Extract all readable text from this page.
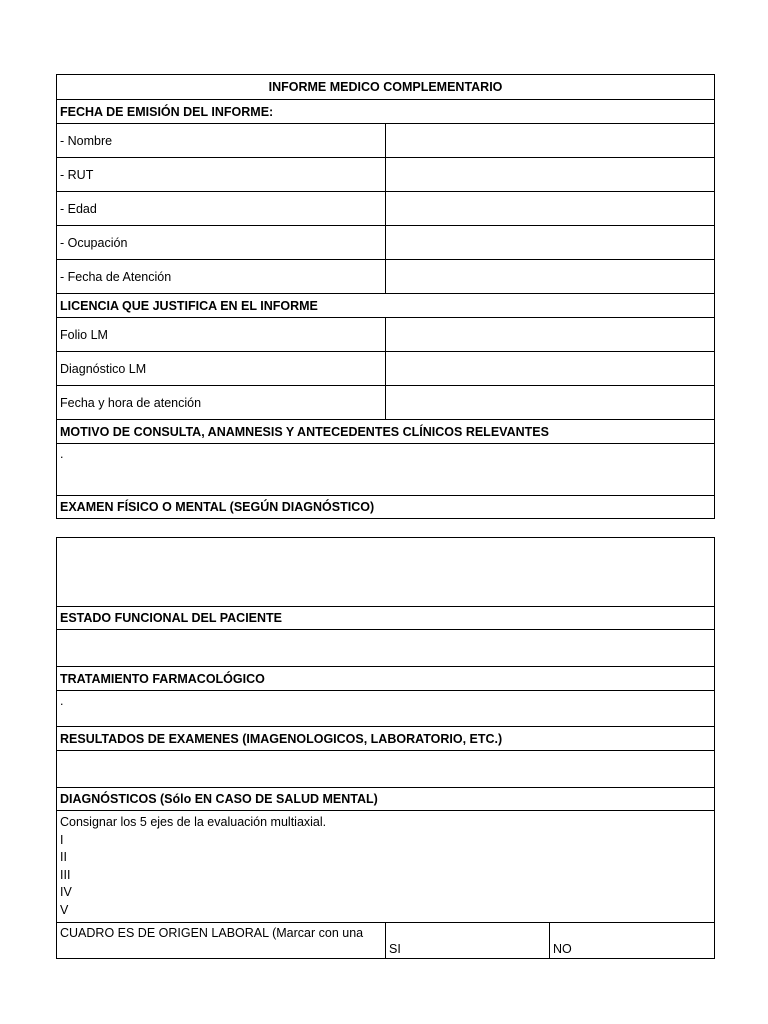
INFORME MEDICO COMPLEMENTARIO	
FECHA DE EMISIÓN DEL INFORME:	
- Nombre	
- RUT	
- Edad	
- Ocupación	
- Fecha de Atención	
LICENCIA QUE JUSTIFICA EN EL INFORME	
Folio LM	
Diagnóstico LM	
Fecha y hora de atención	
MOTIVO DE CONSULTA, ANAMNESIS Y ANTECEDENTES CLÍNICOS RELEVANTES	
.	
EXAMEN FÍSICO O MENTAL (SEGÚN DIAGNÓSTICO)	

ESTADO FUNCIONAL DEL PACIENTE

TRATAMIENTO FARMACOLÓGICO
.
RESULTADOS DE EXAMENES (IMAGENOLOGICOS, LABORATORIO, ETC.)

DIAGNÓSTICOS (Sólo EN CASO DE SALUD MENTAL)

Consignar los 5 ejes de la evaluación multiaxial.
I
II
III
IV
V

CUADRO ES DE ORIGEN LABORAL (Marcar con una	SI	NO
